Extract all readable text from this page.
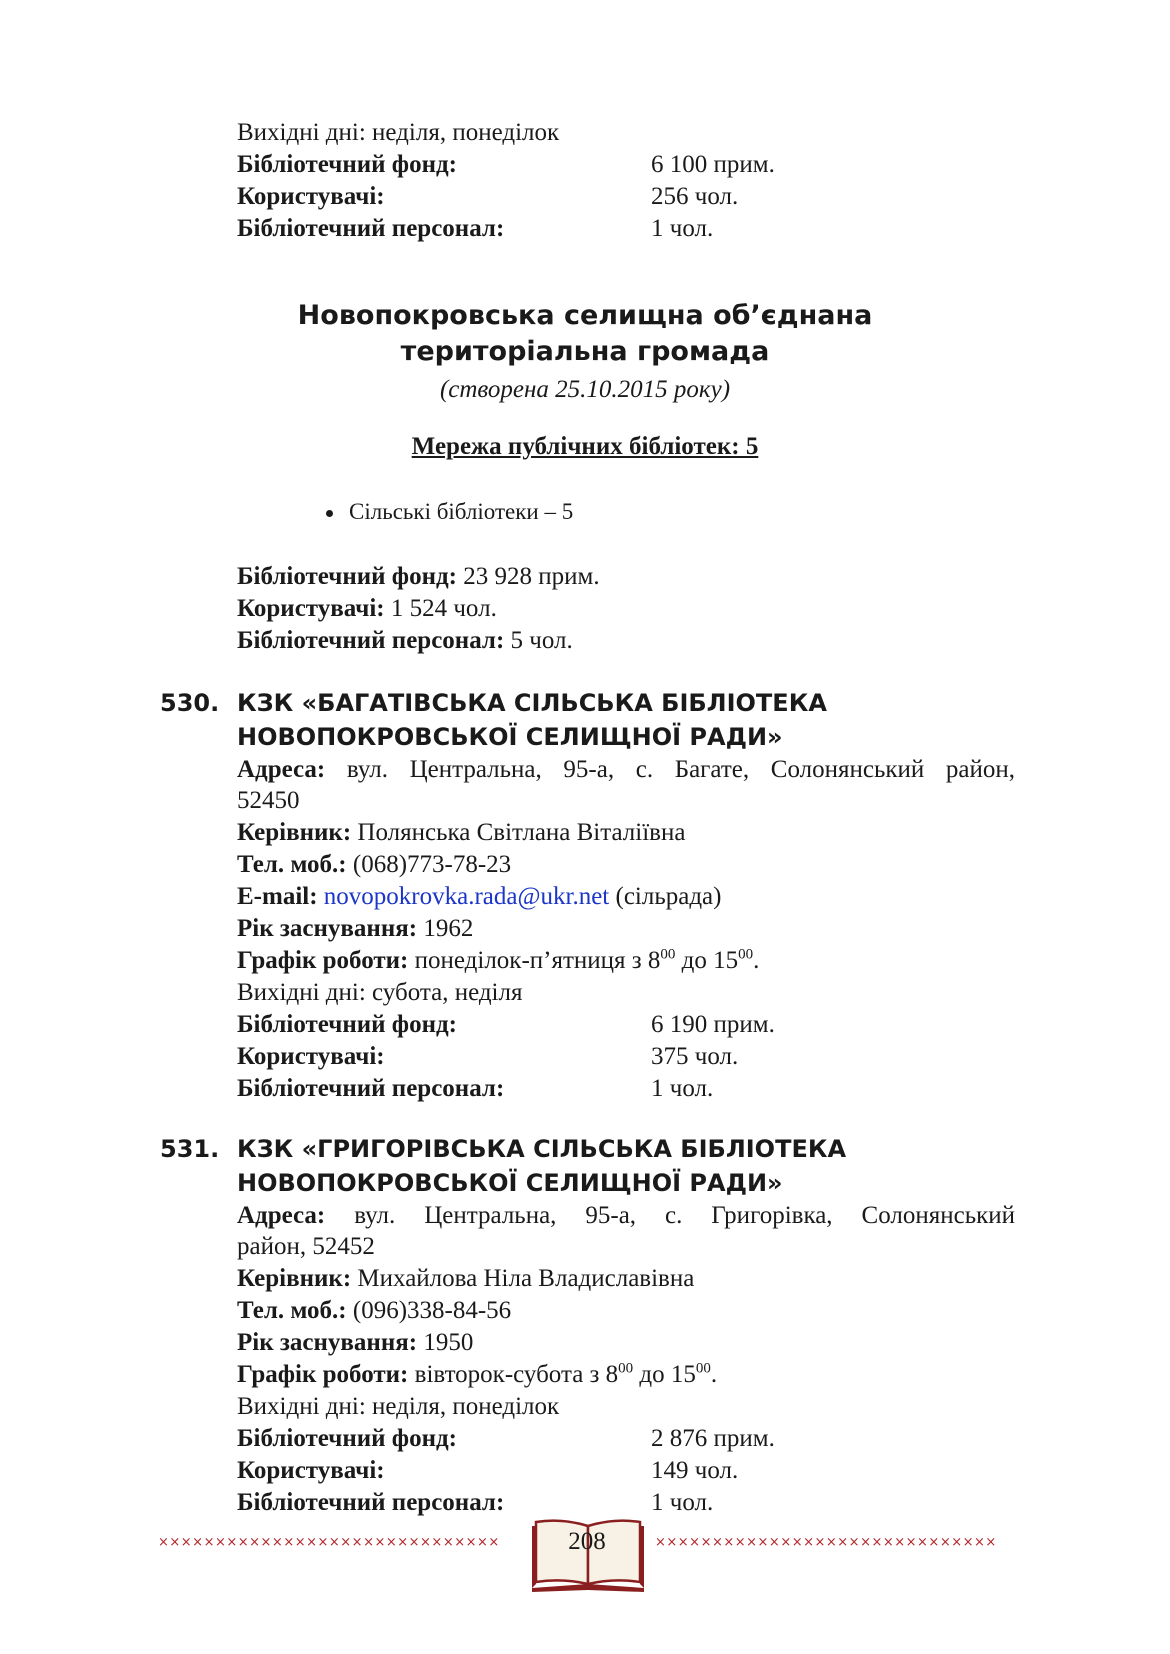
Вихідні дні: неділя, понеділок
Бібліотечний фонд:	6 100 прим.
Користувачі:	256 чол.
Бібліотечний персонал:	1 чол.
Новопокровська селищна об’єднана
територіальна громада
(створена 25.10.2015 року)
Мережа публічних бібліотек: 5
Сільські бібліотеки – 5
Бібліотечний фонд: 23 928 прим.
Користувачі: 1 524 чол.
Бібліотечний персонал: 5 чол.
530. КЗК «БАГАТІВСЬКА СІЛЬСЬКА БІБЛІОТЕКА
НОВОПОКРОВСЬКОЇ СЕЛИЩНОЇ РАДИ»
Адреса: вул. Центральна, 95-а, с. Багате, Солонянський район,
52450
Керівник: Полянська Світлана Віталіївна
Тел. моб.: (068)773-78-23
E-mail: novopokrovka.rada@ukr.net (сільрада)
Рік заснування: 1962
Графік роботи: понеділок-п’ятниця з $8^{00}$ до $15^{00}$.
Вихідні дні: субота, неділя
Бібліотечний фонд:	6 190 прим.
Користувачі:	375 чол.
Бібліотечний персонал:	1 чол.
531. КЗК «ГРИГОРІВСЬКА СІЛЬСЬКА БІБЛІОТЕКА
НОВОПОКРОВСЬКОЇ СЕЛИЩНОЇ РАДИ»
Адреса: вул. Центральна, 95-а, с. Григорівка, Солонянський
район, 52452
Керівник: Михайлова Ніла Владиславівна
Тел. моб.: (096)338-84-56
Рік заснування: 1950
Графік роботи: вівторок-субота з $8^{00}$ до $15^{00}$.
Вихідні дні: неділя, понеділок
Бібліотечний фонд:	2 876 прим.
Користувачі:	149 чол.
Бібліотечний персонал:	1 чол.
××××××××××××××××××××××××××××××	××××××××××××××××××××××××××××××
208
